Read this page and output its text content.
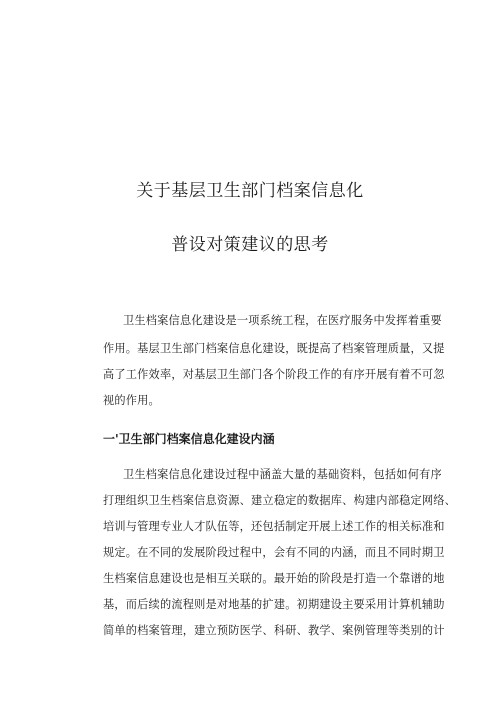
关于基层卫生部门档案信息化
普设对策建议的思考
卫生档案信息化建设是一项系统工程，在医疗服务中发挥着重要
作用。基层卫生部门档案信息化建设，既提高了档案管理质量，又提
高了工作效率，对基层卫生部门各个阶段工作的有序开展有着不可忽
视的作用。
一'卫生部门档案信息化建设内涵
卫生档案信息化建设过程中涵盖大量的基础资料，包括如何有序
打理组织卫生档案信息资源、建立稳定的数据库、构建内部稳定网络、
培训与管理专业人才队伍等，还包括制定开展上述工作的相关标准和
规定。在不同的发展阶段过程中，会有不同的内涵，而且不同时期卫
生档案信息建设也是相互关联的。最开始的阶段是打造一个靠谱的地
基，而后续的流程则是对地基的扩建。初期建设主要采用计算机辅助
简单的档案管理，建立预防医学、科研、教学、案例管理等类别的计
